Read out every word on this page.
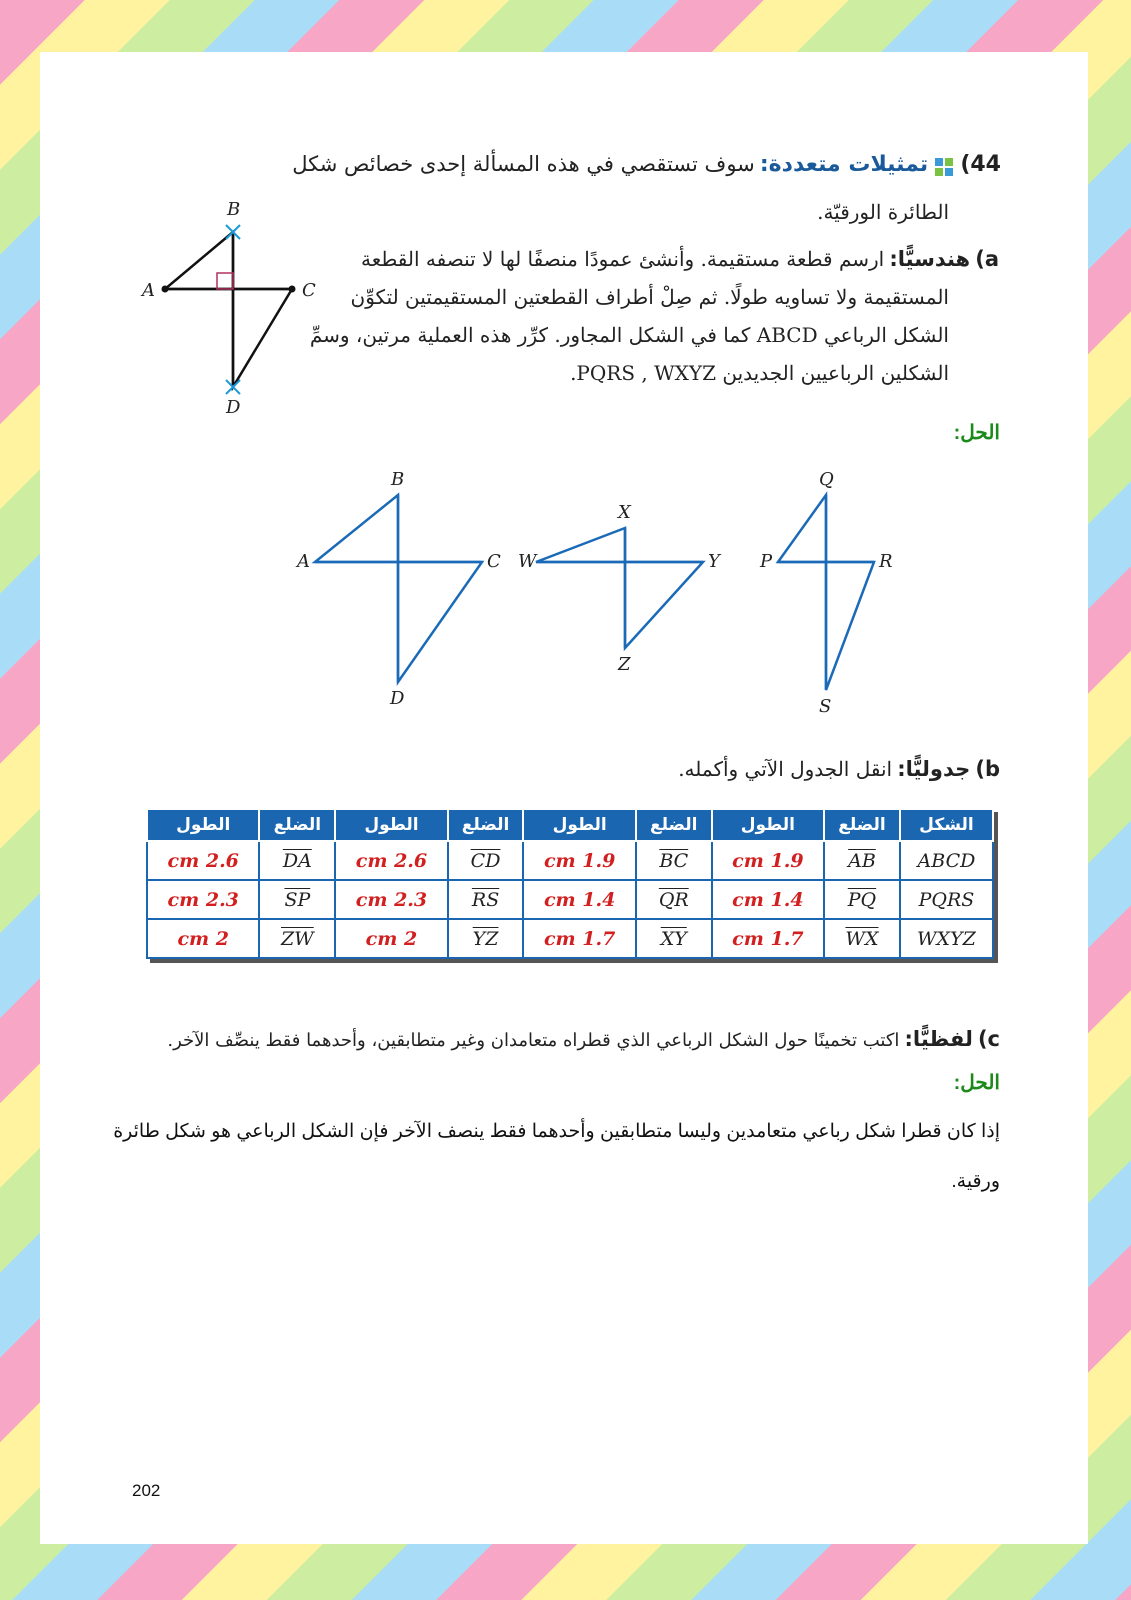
44)  تمثيلات متعددة: سوف تستقصي في هذه المسألة إحدى خصائص شكل
الطائرة الورقيّة.
a) هندسيًّا: ارسم قطعة مستقيمة. وأنشئ عمودًا منصفًا لها لا تنصفه القطعة
المستقيمة ولا تساويه طولًا. ثم صِلْ أطراف القطعتين المستقيمتين لتكوِّن
الشكل الرباعي ABCD كما في الشكل المجاور. كرِّر هذه العملية مرتين، وسمِّ
الشكلين الرباعيين الجديدين PQRS , WXYZ.
B
A	C
D
الحل:
A
B
C
D
W
X
Y
Z
P
Q
R
S
b) جدوليًّا: انقل الجدول الآتي وأكمله.
الشكل	الضلع	الطول	الضلع	الطول	الضلع	الطول	الضلع	الطول
ABCD	AB	1.9 cm	BC	1.9 cm	CD	2.6 cm	DA	2.6 cm
PQRS	PQ	1.4 cm	QR	1.4 cm	RS	2.3 cm	SP	2.3 cm
WXYZ	WX	1.7 cm	XY	1.7 cm	YZ	2 cm	ZW	2 cm
c) لفظيًّا: اكتب تخمينًا حول الشكل الرباعي الذي قطراه متعامدان وغير متطابقين، وأحدهما فقط ينصِّف الآخر.
الحل:
إذا كان قطرا شكل رباعي متعامدين وليسا متطابقين وأحدهما فقط ينصف الآخر فإن الشكل الرباعي هو شكل طائرة
ورقية.
202
